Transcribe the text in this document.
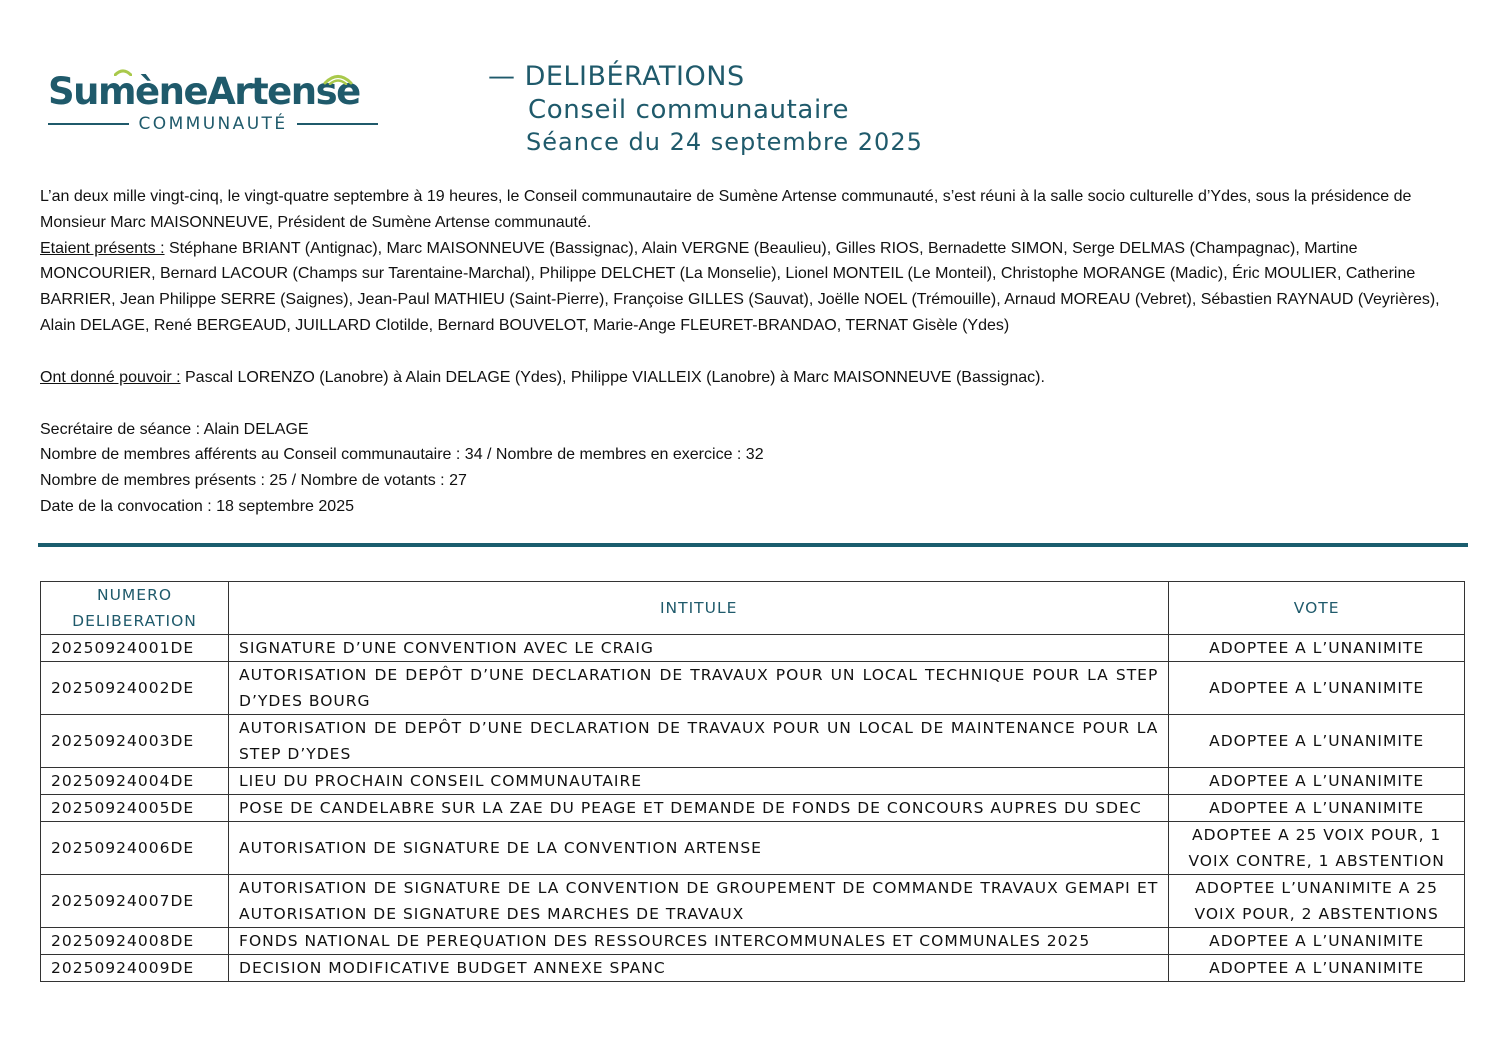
SumèneArtense
COMMUNAUTÉ
— DELIBÉRATIONS
Conseil communautaire
Séance du 24 septembre 2025

L’an deux mille vingt-cinq, le vingt-quatre septembre à 19 heures, le Conseil communautaire de Sumène Artense communauté, s’est réuni à la salle socio culturelle d’Ydes, sous la présidence de Monsieur Marc MAISONNEUVE, Président de Sumène Artense communauté.

Etaient présents : Stéphane BRIANT (Antignac), Marc MAISONNEUVE (Bassignac), Alain VERGNE (Beaulieu), Gilles RIOS, Bernadette SIMON, Serge DELMAS (Champagnac), Martine MONCOURIER, Bernard LACOUR (Champs sur Tarentaine-Marchal), Philippe DELCHET (La Monselie), Lionel MONTEIL (Le Monteil), Christophe MORANGE (Madic), Éric MOULIER, Catherine BARRIER, Jean Philippe SERRE (Saignes), Jean-Paul MATHIEU (Saint-Pierre), Françoise GILLES (Sauvat), Joëlle NOEL (Trémouille), Arnaud MOREAU (Vebret), Sébastien RAYNAUD (Veyrières), Alain DELAGE, René BERGEAUD, JUILLARD Clotilde, Bernard BOUVELOT, Marie-Ange FLEURET-BRANDAO, TERNAT Gisèle (Ydes)

Ont donné pouvoir : Pascal LORENZO (Lanobre) à Alain DELAGE (Ydes), Philippe VIALLEIX (Lanobre) à Marc MAISONNEUVE (Bassignac).

Secrétaire de séance : Alain DELAGE

Nombre de membres afférents au Conseil communautaire : 34 / Nombre de membres en exercice : 32

Nombre de membres présents : 25 / Nombre de votants : 27

Date de la convocation : 18 septembre 2025

NUMERO
DELIBERATION	INTITULE	VOTE
20250924001DE	SIGNATURE D’UNE CONVENTION AVEC LE CRAIG	ADOPTEE A L’UNANIMITE
20250924002DE	AUTORISATION DE DEPÔT D’UNE DECLARATION DE TRAVAUX POUR UN LOCAL TECHNIQUE POUR LA STEP D’YDES BOURG	ADOPTEE A L’UNANIMITE
20250924003DE	AUTORISATION DE DEPÔT D’UNE DECLARATION DE TRAVAUX POUR UN LOCAL DE MAINTENANCE POUR LA STEP D’YDES	ADOPTEE A L’UNANIMITE
20250924004DE	LIEU DU PROCHAIN CONSEIL COMMUNAUTAIRE	ADOPTEE A L’UNANIMITE
20250924005DE	POSE DE CANDELABRE SUR LA ZAE DU PEAGE ET DEMANDE DE FONDS DE CONCOURS AUPRES DU SDEC	ADOPTEE A L’UNANIMITE
20250924006DE	AUTORISATION DE SIGNATURE DE LA CONVENTION ARTENSE	ADOPTEE A 25 VOIX POUR, 1 VOIX CONTRE, 1 ABSTENTION
20250924007DE	AUTORISATION DE SIGNATURE DE LA CONVENTION DE GROUPEMENT DE COMMANDE TRAVAUX GEMAPI ET AUTORISATION DE SIGNATURE DES MARCHES DE TRAVAUX	ADOPTEE L’UNANIMITE A 25 VOIX POUR, 2 ABSTENTIONS
20250924008DE	FONDS NATIONAL DE PEREQUATION DES RESSOURCES INTERCOMMUNALES ET COMMUNALES 2025	ADOPTEE A L’UNANIMITE
20250924009DE	DECISION MODIFICATIVE BUDGET ANNEXE SPANC	ADOPTEE A L’UNANIMITE
